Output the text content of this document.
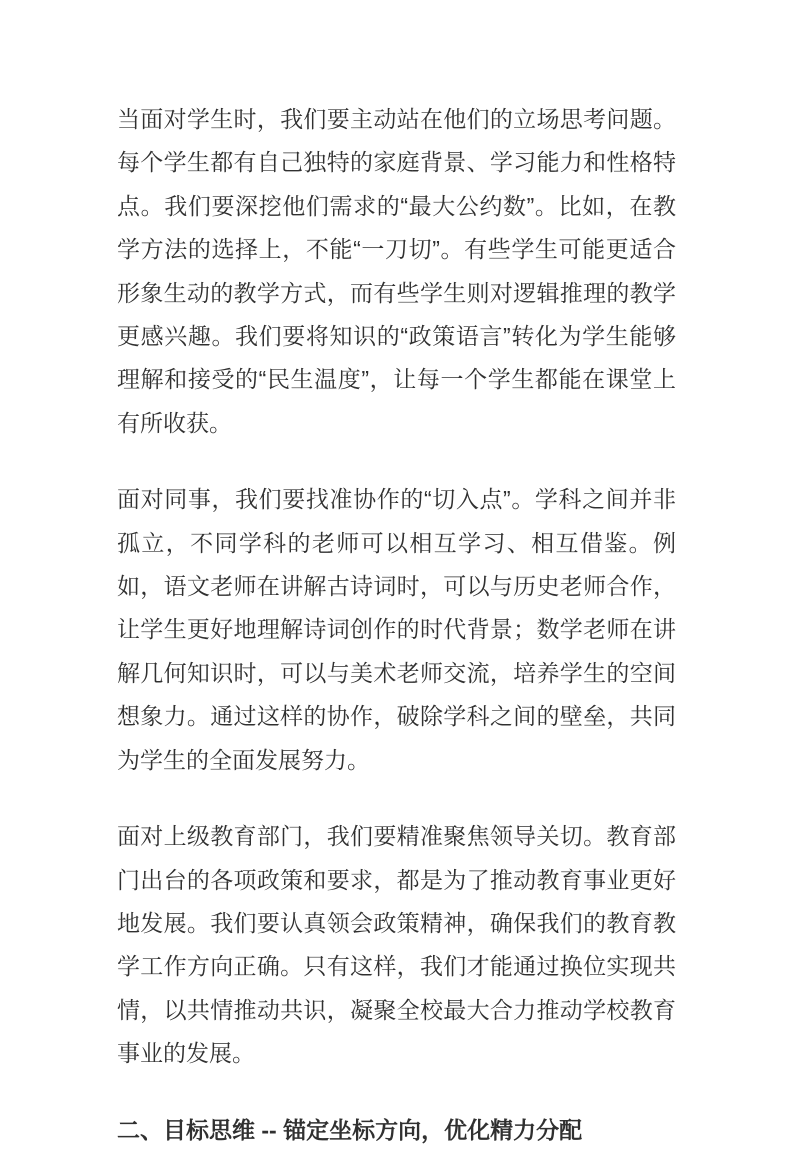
当面对学生时，我们要主动站在他们的立场思考问题。每个学生都有自己独特的家庭背景、学习能力和性格特点。我们要深挖他们需求的“最大公约数”。比如，在教学方法的选择上，不能“一刀切”。有些学生可能更适合形象生动的教学方式，而有些学生则对逻辑推理的教学更感兴趣。我们要将知识的“政策语言”转化为学生能够理解和接受的“民生温度”，让每一个学生都能在课堂上有所收获。

面对同事，我们要找准协作的“切入点”。学科之间并非孤立，不同学科的老师可以相互学习、相互借鉴。例如，语文老师在讲解古诗词时，可以与历史老师合作，让学生更好地理解诗词创作的时代背景；数学老师在讲解几何知识时，可以与美术老师交流，培养学生的空间想象力。通过这样的协作，破除学科之间的壁垒，共同为学生的全面发展努力。

面对上级教育部门，我们要精准聚焦领导关切。教育部门出台的各项政策和要求，都是为了推动教育事业更好地发展。我们要认真领会政策精神，确保我们的教育教学工作方向正确。只有这样，我们才能通过换位实现共情，以共情推动共识，凝聚全校最大合力推动学校教育事业的发展。

二、目标思维 -- 锚定坐标方向，优化精力分配
